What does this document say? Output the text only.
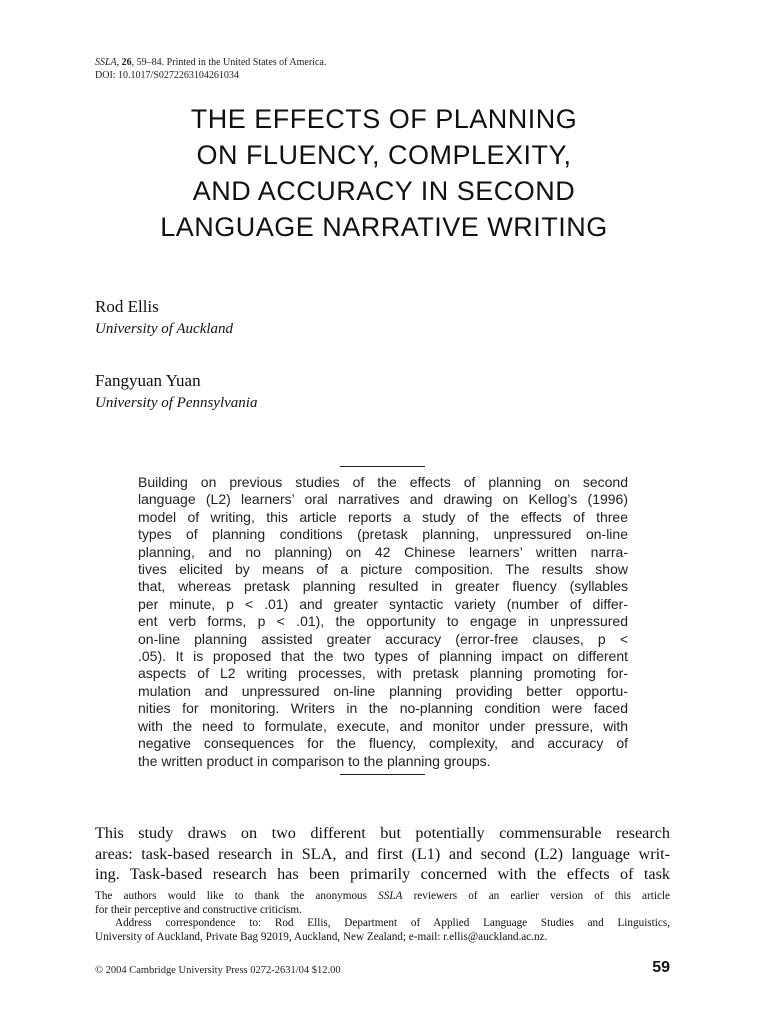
SSLA, 26, 59–84. Printed in the United States of America.
DOI: 10.1017/S0272263104261034
THE EFFECTS OF PLANNING
ON FLUENCY, COMPLEXITY,
AND ACCURACY IN SECOND
LANGUAGE NARRATIVE WRITING
Rod Ellis
University of Auckland
Fangyuan Yuan
University of Pennsylvania
Building on previous studies of the effects of planning on second
language (L2) learners’ oral narratives and drawing on Kellog’s (1996)
model of writing, this article reports a study of the effects of three
types of planning conditions (pretask planning, unpressured on-line
planning, and no planning) on 42 Chinese learners’ written narra-
tives elicited by means of a picture composition. The results show
that, whereas pretask planning resulted in greater fluency (syllables
per minute, p < .01) and greater syntactic variety (number of differ-
ent verb forms, p < .01), the opportunity to engage in unpressured
on-line planning assisted greater accuracy (error-free clauses, p <
.05). It is proposed that the two types of planning impact on different
aspects of L2 writing processes, with pretask planning promoting for-
mulation and unpressured on-line planning providing better opportu-
nities for monitoring. Writers in the no-planning condition were faced
with the need to formulate, execute, and monitor under pressure, with
negative consequences for the fluency, complexity, and accuracy of
the written product in comparison to the planning groups.
This study draws on two different but potentially commensurable research
areas: task-based research in SLA, and first (L1) and second (L2) language writ-
ing. Task-based research has been primarily concerned with the effects of task
The authors would like to thank the anonymous SSLA reviewers of an earlier version of this article
for their perceptive and constructive criticism.
Address correspondence to: Rod Ellis, Department of Applied Language Studies and Linguistics,
University of Auckland, Private Bag 92019, Auckland, New Zealand; e-mail: r.ellis@auckland.ac.nz.
© 2004 Cambridge University Press 0272-2631/04 $12.00	59
